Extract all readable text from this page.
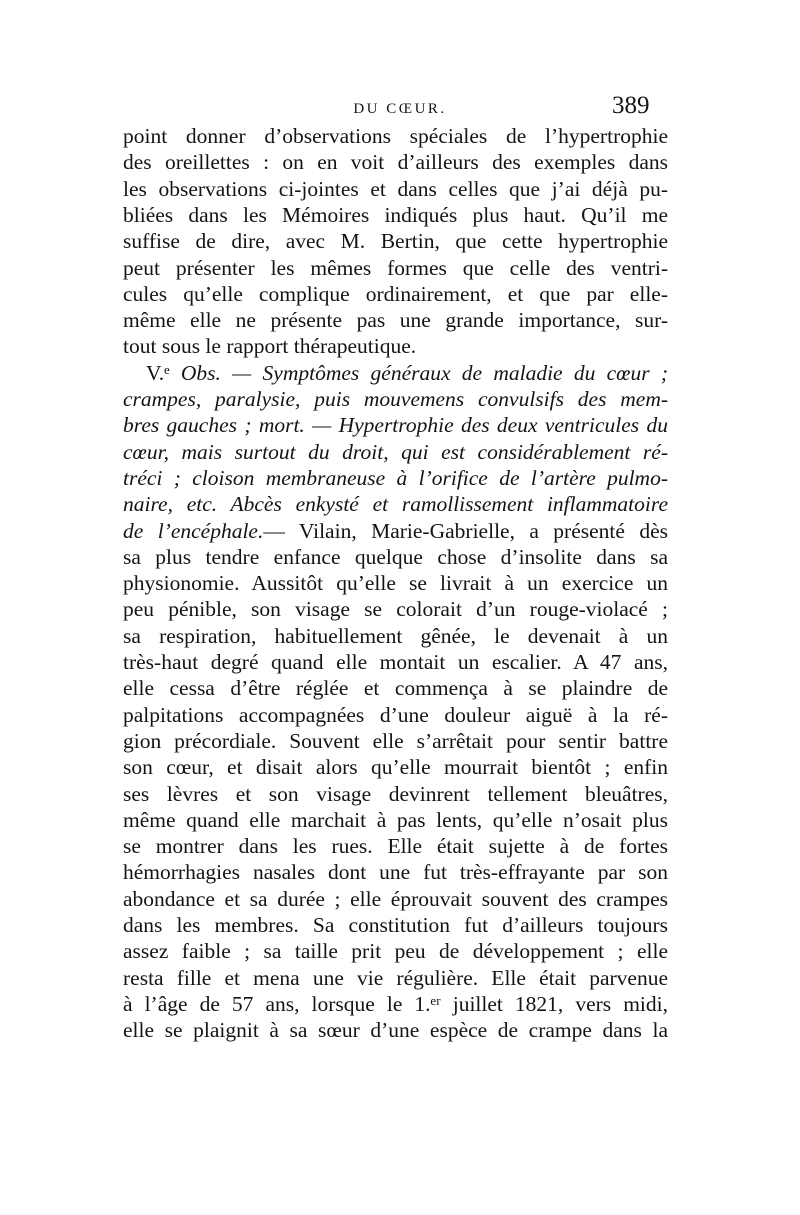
DU CŒUR.	389
point donner d’observations spéciales de l’hypertrophie
des oreillettes : on en voit d’ailleurs des exemples dans
les observations ci-jointes et dans celles que j’ai déjà pu-
bliées dans les Mémoires indiqués plus haut. Qu’il me
suffise de dire, avec M. Bertin, que cette hypertrophie
peut présenter les mêmes formes que celle des ventri-
cules qu’elle complique ordinairement, et que par elle-
même elle ne présente pas une grande importance, sur-
tout sous le rapport thérapeutique.
V.ᵉ Obs. — Symptômes généraux de maladie du cœur ;
crampes, paralysie, puis mouvemens convulsifs des mem-
bres gauches ; mort. — Hypertrophie des deux ventricules du
cœur, mais surtout du droit, qui est considérablement ré-
tréci ; cloison membraneuse à l’orifice de l’artère pulmo-
naire, etc. Abcès enkysté et ramollissement inflammatoire
de l’encéphale.— Vilain, Marie-Gabrielle, a présenté dès
sa plus tendre enfance quelque chose d’insolite dans sa
physionomie. Aussitôt qu’elle se livrait à un exercice un
peu pénible, son visage se colorait d’un rouge-violacé ;
sa respiration, habituellement gênée, le devenait à un
très-haut degré quand elle montait un escalier. A 47 ans,
elle cessa d’être réglée et commença à se plaindre de
palpitations accompagnées d’une douleur aiguë à la ré-
gion précordiale. Souvent elle s’arrêtait pour sentir battre
son cœur, et disait alors qu’elle mourrait bientôt ; enfin
ses lèvres et son visage devinrent tellement bleuâtres,
même quand elle marchait à pas lents, qu’elle n’osait plus
se montrer dans les rues. Elle était sujette à de fortes
hémorrhagies nasales dont une fut très-effrayante par son
abondance et sa durée ; elle éprouvait souvent des crampes
dans les membres. Sa constitution fut d’ailleurs toujours
assez faible ; sa taille prit peu de développement ; elle
resta fille et mena une vie régulière. Elle était parvenue
à l’âge de 57 ans, lorsque le 1.ᵉʳ juillet 1821, vers midi,
elle se plaignit à sa sœur d’une espèce de crampe dans la
